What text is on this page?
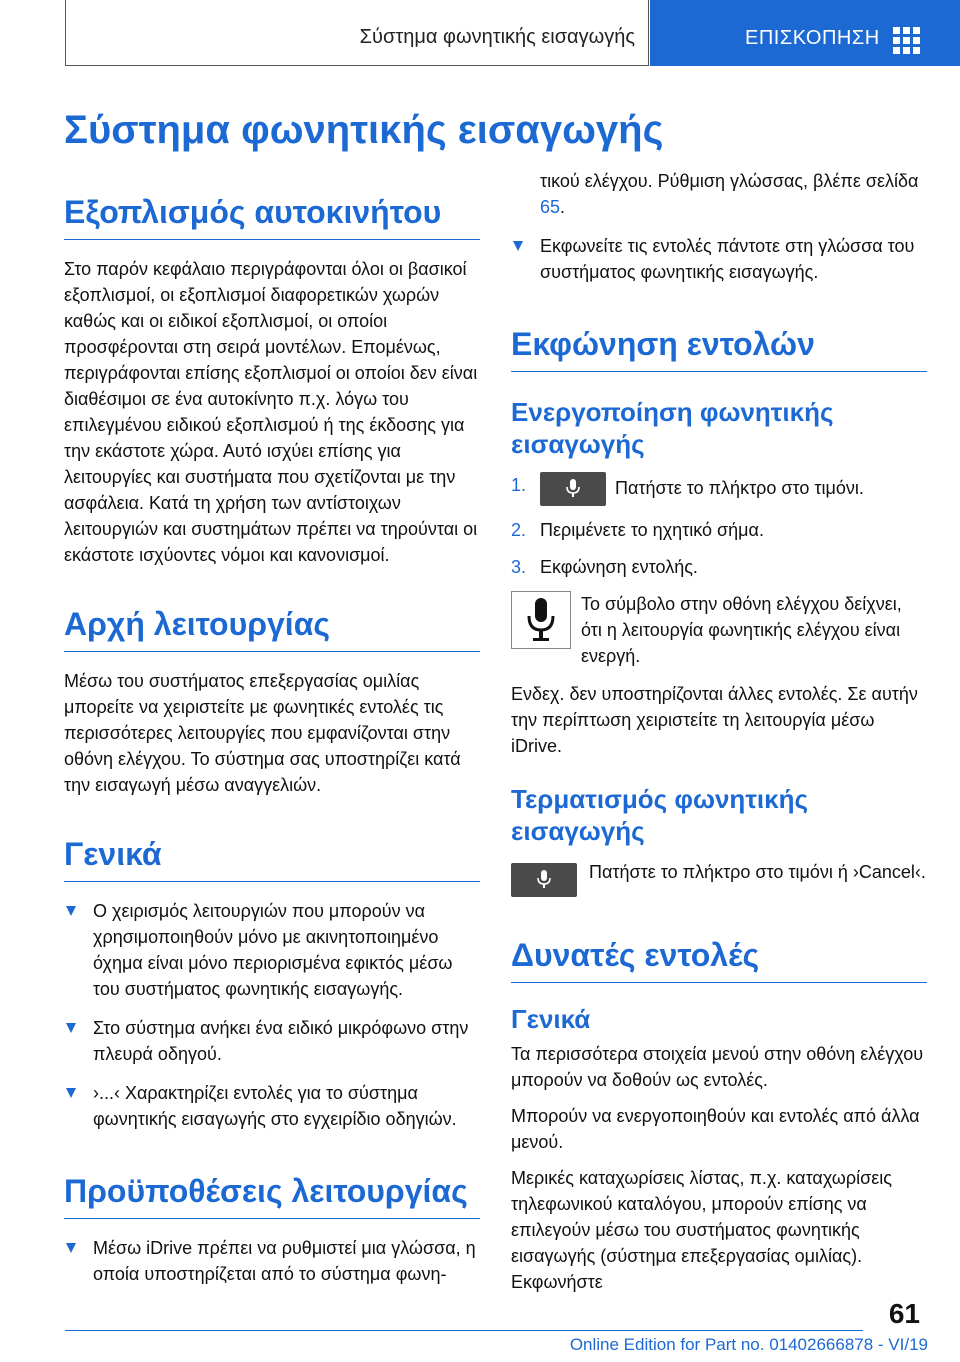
Σύστημα φωνητικής εισαγωγής	ΕΠΙΣΚΟΠΗΣΗ
Σύστημα φωνητικής εισαγωγής
Εξοπλισμός αυτοκινήτου

Στο παρόν κεφάλαιο περιγράφονται όλοι οι βασικοί εξοπλισμοί, οι εξοπλισμοί διαφορετικών χωρών καθώς και οι ειδικοί εξοπλισμοί, οι οποίοι προσφέρονται στη σειρά μοντέλων. Επομένως, περιγράφονται επίσης εξοπλισμοί οι οποίοι δεν είναι διαθέσιμοι σε ένα αυτοκίνητο π.χ. λόγω του επιλεγμένου ειδικού εξοπλισμού ή της έκδοσης για την εκάστοτε χώρα. Αυτό ισχύει επίσης για λειτουργίες και συστήματα που σχετίζονται με την ασφάλεια. Κατά τη χρήση των αντίστοιχων λειτουργιών και συστημάτων πρέπει να τηρούνται οι εκάστοτε ισχύοντες νόμοι και κανονισμοί.

Αρχή λειτουργίας

Μέσω του συστήματος επεξεργασίας ομιλίας μπορείτε να χειριστείτε με φωνητικές εντολές τις περισσότερες λειτουργίες που εμφανίζονται στην οθόνη ελέγχου. Το σύστημα σας υποστηρίζει κατά την εισαγωγή μέσω αναγγελιών.

Γενικά
Ο χειρισμός λειτουργιών που μπορούν να χρησιμοποιηθούν μόνο με ακινητοποιημένο όχημα είναι μόνο περιορισμένα εφικτός μέσω του συστήματος φωνητικής εισαγωγής.
Στο σύστημα ανήκει ένα ειδικό μικρόφωνο στην πλευρά οδηγού.
›...‹ Χαρακτηρίζει εντολές για το σύστημα φωνητικής εισαγωγής στο εγχειρίδιο οδηγιών.
Προϋποθέσεις λειτουργίας
Μέσω iDrive πρέπει να ρυθμιστεί μια γλώσσα, η οποία υποστηρίζεται από το σύστημα φωνη-
τικού ελέγχου. Ρύθμιση γλώσσας, βλέπε σελίδα 65.
Εκφωνείτε τις εντολές πάντοτε στη γλώσσα του συστήματος φωνητικής εισαγωγής.
Εκφώνηση εντολών
Ενεργοποίηση φωνητικής εισαγωγής
1.	Πατήστε το πλήκτρο στο τιμόνι.
2. Περιμένετε το ηχητικό σήμα.
3. Εκφώνηση εντολής.
Το σύμβολο στην οθόνη ελέγχου δείχνει, ότι η λειτουργία φωνητικής ελέγχου είναι ενεργή.

Ενδεχ. δεν υποστηρίζονται άλλες εντολές. Σε αυτήν την περίπτωση χειριστείτε τη λειτουργία μέσω iDrive.

Τερματισμός φωνητικής εισαγωγής
Πατήστε το πλήκτρο στο τιμόνι ή ›Cancel‹.
Δυνατές εντολές
Γενικά

Τα περισσότερα στοιχεία μενού στην οθόνη ελέγχου μπορούν να δοθούν ως εντολές.

Μπορούν να ενεργοποιηθούν και εντολές από άλλα μενού.

Μερικές καταχωρίσεις λίστας, π.χ. καταχωρίσεις τηλεφωνικού καταλόγου, μπορούν επίσης να επιλεγούν μέσω του συστήματος φωνητικής εισαγωγής (σύστημα επεξεργασίας ομιλίας). Εκφωνήστε

61
Online Edition for Part no. 01402666878 - VI/19
